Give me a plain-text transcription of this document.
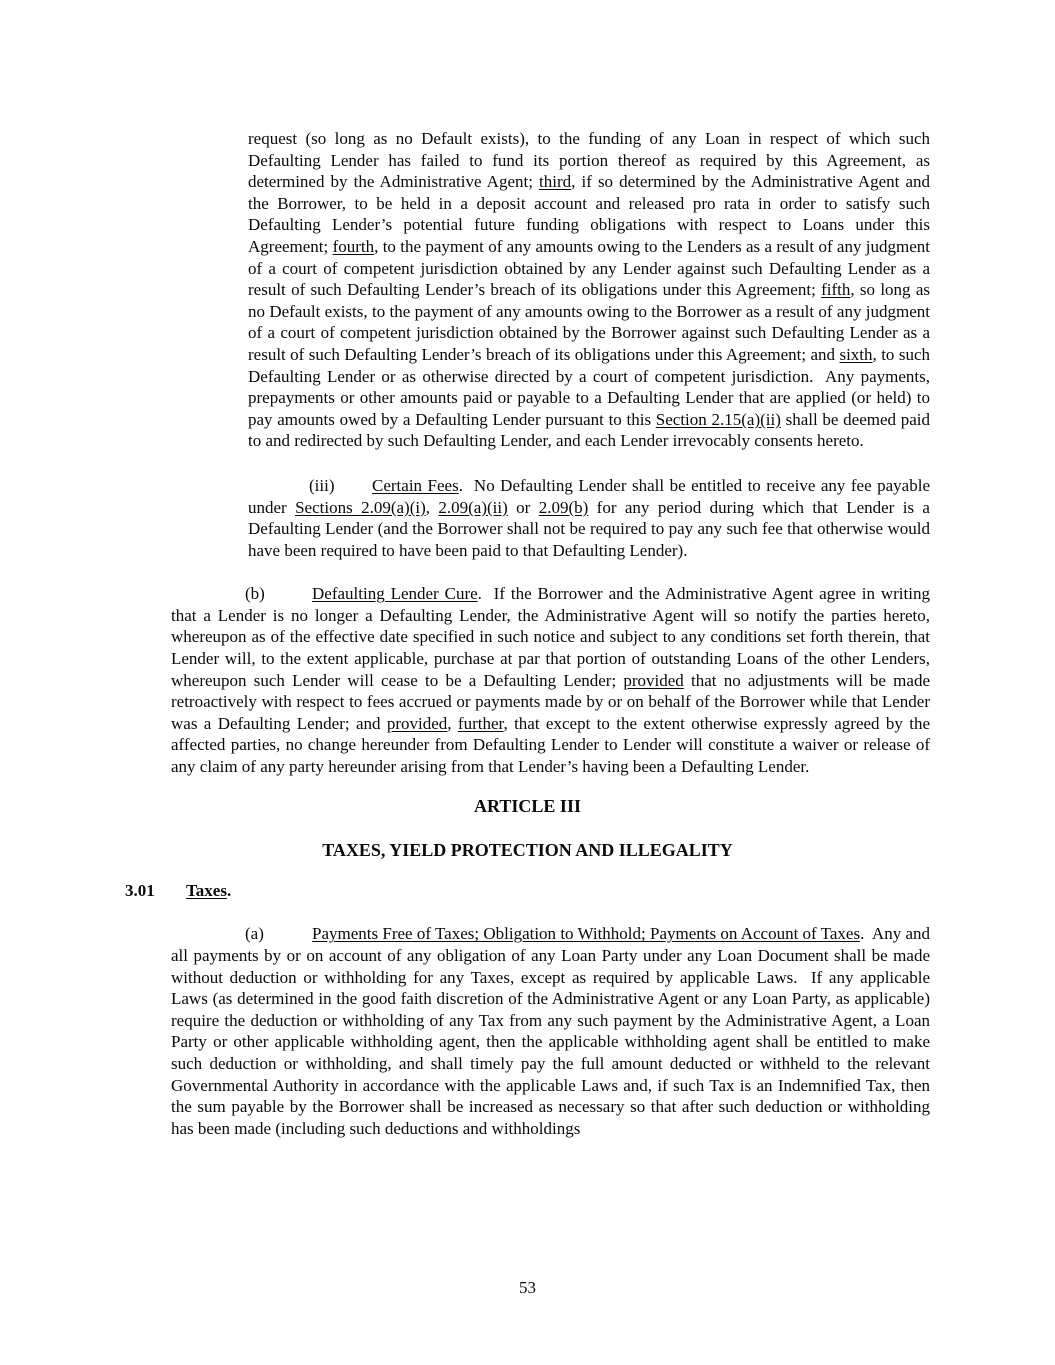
request (so long as no Default exists), to the funding of any Loan in respect of which such Defaulting Lender has failed to fund its portion thereof as required by this Agreement, as determined by the Administrative Agent; third, if so determined by the Administrative Agent and the Borrower, to be held in a deposit account and released pro rata in order to satisfy such Defaulting Lender’s potential future funding obligations with respect to Loans under this Agreement; fourth, to the payment of any amounts owing to the Lenders as a result of any judgment of a court of competent jurisdiction obtained by any Lender against such Defaulting Lender as a result of such Defaulting Lender’s breach of its obligations under this Agreement; fifth, so long as no Default exists, to the payment of any amounts owing to the Borrower as a result of any judgment of a court of competent jurisdiction obtained by the Borrower against such Defaulting Lender as a result of such Defaulting Lender’s breach of its obligations under this Agreement; and sixth, to such Defaulting Lender or as otherwise directed by a court of competent jurisdiction.  Any payments, prepayments or other amounts paid or payable to a Defaulting Lender that are applied (or held) to pay amounts owed by a Defaulting Lender pursuant to this Section 2.15(a)(ii) shall be deemed paid to and redirected by such Defaulting Lender, and each Lender irrevocably consents hereto.

(iii) Certain Fees.  No Defaulting Lender shall be entitled to receive any fee payable under Sections 2.09(a)(i), 2.09(a)(ii) or 2.09(b) for any period during which that Lender is a Defaulting Lender (and the Borrower shall not be required to pay any such fee that otherwise would have been required to have been paid to that Defaulting Lender).

(b)	Defaulting Lender Cure.  If the Borrower and the Administrative Agent agree in writing that a Lender is no longer a Defaulting Lender, the Administrative Agent will so notify the parties hereto, whereupon as of the effective date specified in such notice and subject to any conditions set forth therein, that Lender will, to the extent applicable, purchase at par that portion of outstanding Loans of the other Lenders, whereupon such Lender will cease to be a Defaulting Lender; provided that no adjustments will be made retroactively with respect to fees accrued or payments made by or on behalf of the Borrower while that Lender was a Defaulting Lender; and provided, further, that except to the extent otherwise expressly agreed by the affected parties, no change hereunder from Defaulting Lender to Lender will constitute a waiver or release of any claim of any party hereunder arising from that Lender’s having been a Defaulting Lender.

ARTICLE III

TAXES, YIELD PROTECTION AND ILLEGALITY

3.01 Taxes.

(a)	Payments Free of Taxes; Obligation to Withhold; Payments on Account of Taxes.  Any and all payments by or on account of any obligation of any Loan Party under any Loan Document shall be made without deduction or withholding for any Taxes, except as required by applicable Laws.  If any applicable Laws (as determined in the good faith discretion of the Administrative Agent or any Loan Party, as applicable) require the deduction or withholding of any Tax from any such payment by the Administrative Agent, a Loan Party or other applicable withholding agent, then the applicable withholding agent shall be entitled to make such deduction or withholding, and shall timely pay the full amount deducted or withheld to the relevant Governmental Authority in accordance with the applicable Laws and, if such Tax is an Indemnified Tax, then the sum payable by the Borrower shall be increased as necessary so that after such deduction or withholding has been made (including such deductions and withholdings

53
